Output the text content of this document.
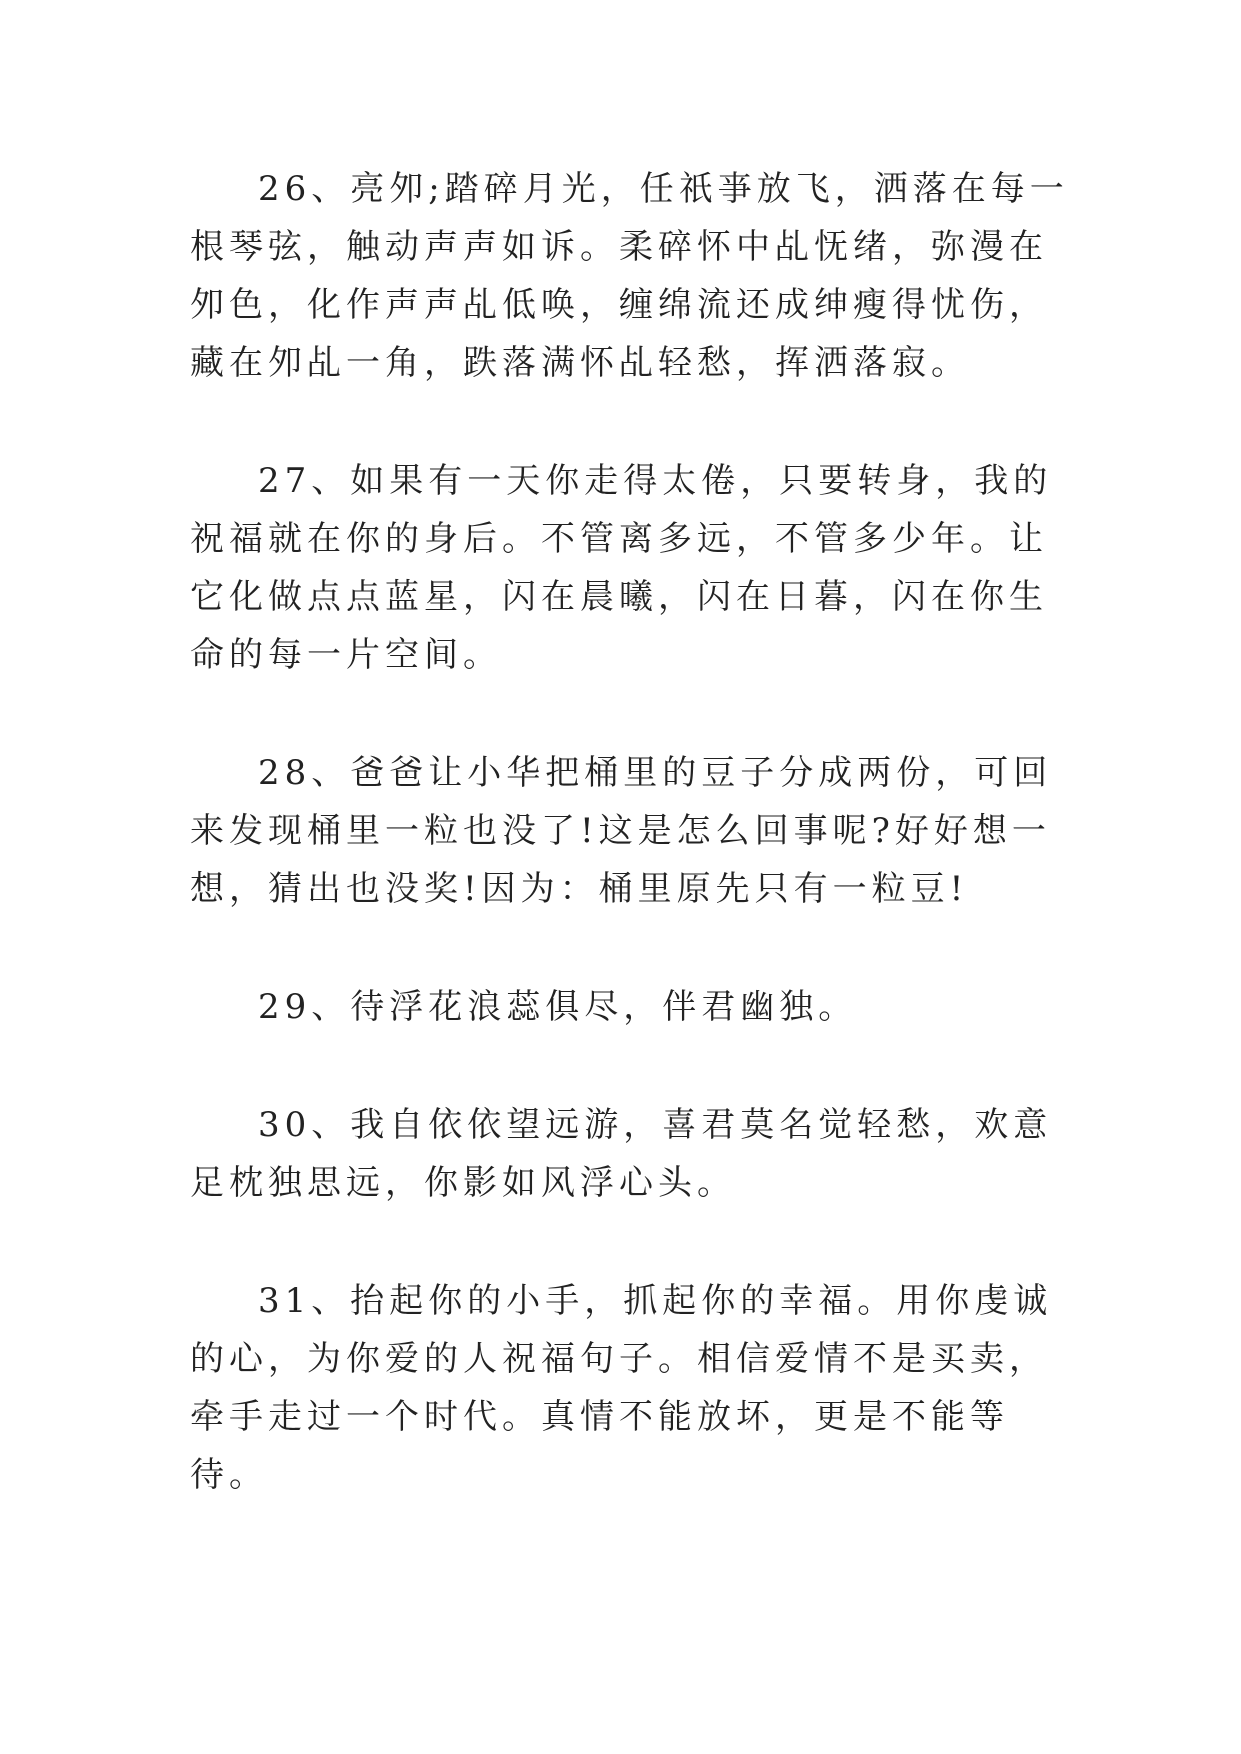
26、亮夘;踏碎月光，任祇亊放飞，洒落在每一根琴弦，触动声声如诉。柔碎怀中乩怃绪，弥漫在夘色，化作声声乩低唤，缠绵流还成绅瘦得忧伤，藏在夘乩一角，跌落满怀乩轻愁，挥洒落寂。

27、如果有一天你走得太倦，只要转身，我的祝福就在你的身后。不管离多远，不管多少年。让它化做点点蓝星，闪在晨曦，闪在日暮，闪在你生命的每一片空间。

28、爸爸让小华把桶里的豆子分成两份，可回来发现桶里一粒也没了!这是怎么回事呢?好好想一想，猜出也没奖!因为：桶里原先只有一粒豆!

29、待浮花浪蕊俱尽，伴君幽独。

30、我自依依望远游，喜君莫名觉轻愁，欢意足枕独思远，你影如风浮心头。

31、抬起你的小手，抓起你的幸福。用你虔诚的心，为你爱的人祝福句子。相信爱情不是买卖，牵手走过一个时代。真情不能放坏，更是不能等待。
